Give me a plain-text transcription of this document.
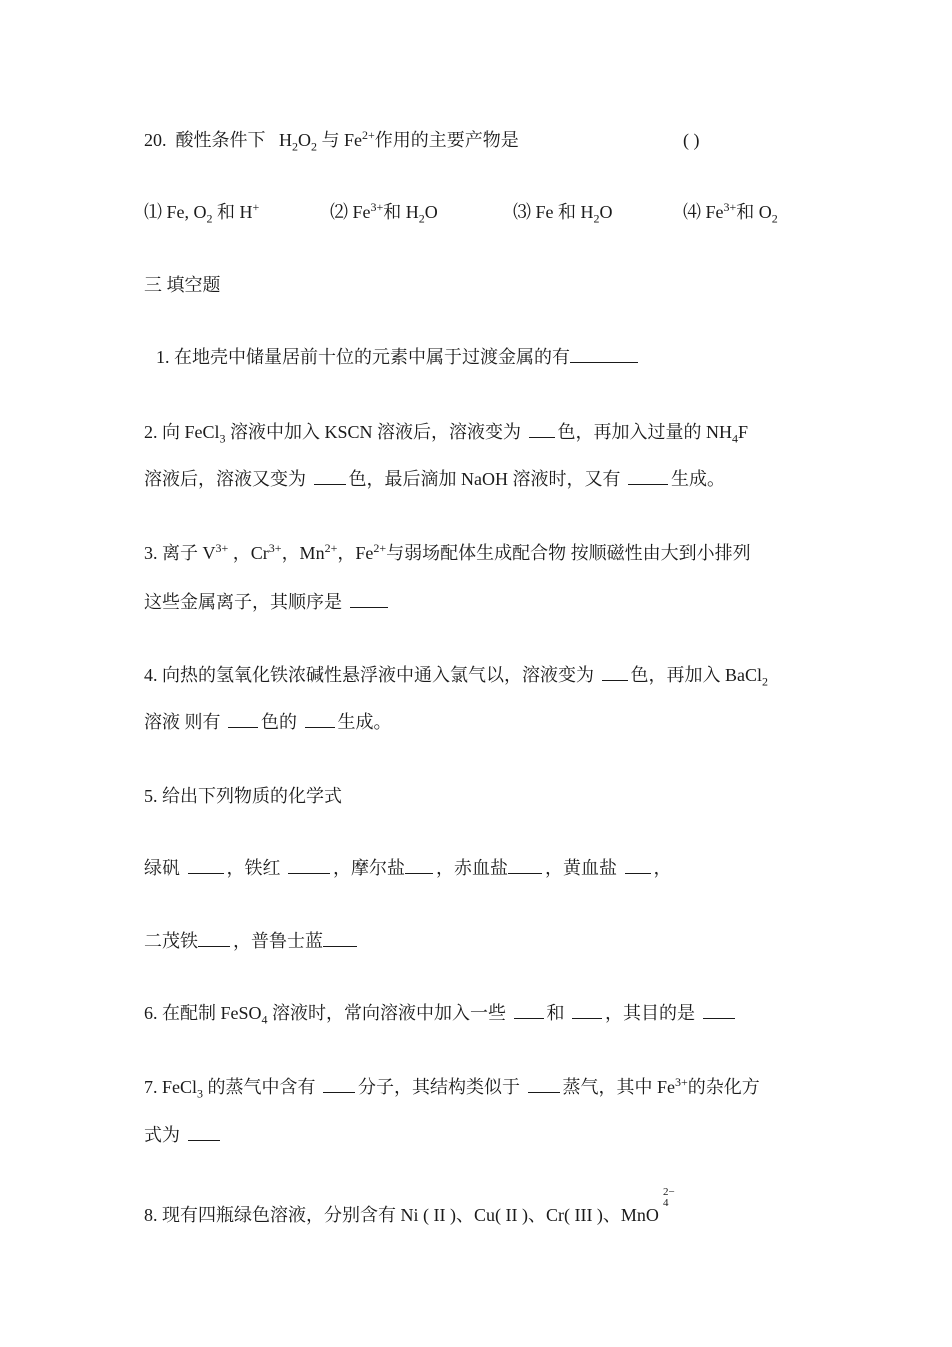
20. 酸性条件下 $H_2O_2$ 与 $Fe^{2+}$作用的主要产物是	( )
⑴ Fe, $O_2$ 和 H+	⑵ $Fe^{3+}$和 $H_2O$	⑶ Fe 和 $H_2O$	⑷ $Fe^{3+}$和 $O_2$
三 填空题
1. 在地壳中储量居前十位的元素中属于过渡金属的有
2. 向 FeCl$_3$ 溶液中加入 KSCN 溶液后，溶液变为 色，再加入过量的 $NH_4F$
溶液后，溶液又变为 色，最后滴加 NaOH 溶液时，又有	生成。
3. 离子 $V^{3+}$ ，$Cr^{3+}$，$Mn^{2+}$，$Fe^{2+}$与弱场配体生成配合物 按顺磁性由大到小排列
这些金属离子，其顺序是
4. 向热的氢氧化铁浓碱性悬浮液中通入氯气以，溶液变为 色，再加入 BaCl$_2$
溶液 则有 色的 生成。
5. 给出下列物质的化学式
绿矾 ，铁红	，摩尔盐 ，赤血盐 ，黄血盐 ，
二茂铁 ，普鲁士蓝
6. 在配制 FeSO$_4$ 溶液时，常向溶液中加入一些 和 ，其目的是
7. FeCl$_3$ 的蒸气中含有 分子，其结构类似于 蒸气，其中 $Fe^{3+}$的杂化方
式为
8. 现有四瓶绿色溶液，分别含有 Ni ( II )、Cu( II )、Cr( III )、MnO
2−
4
